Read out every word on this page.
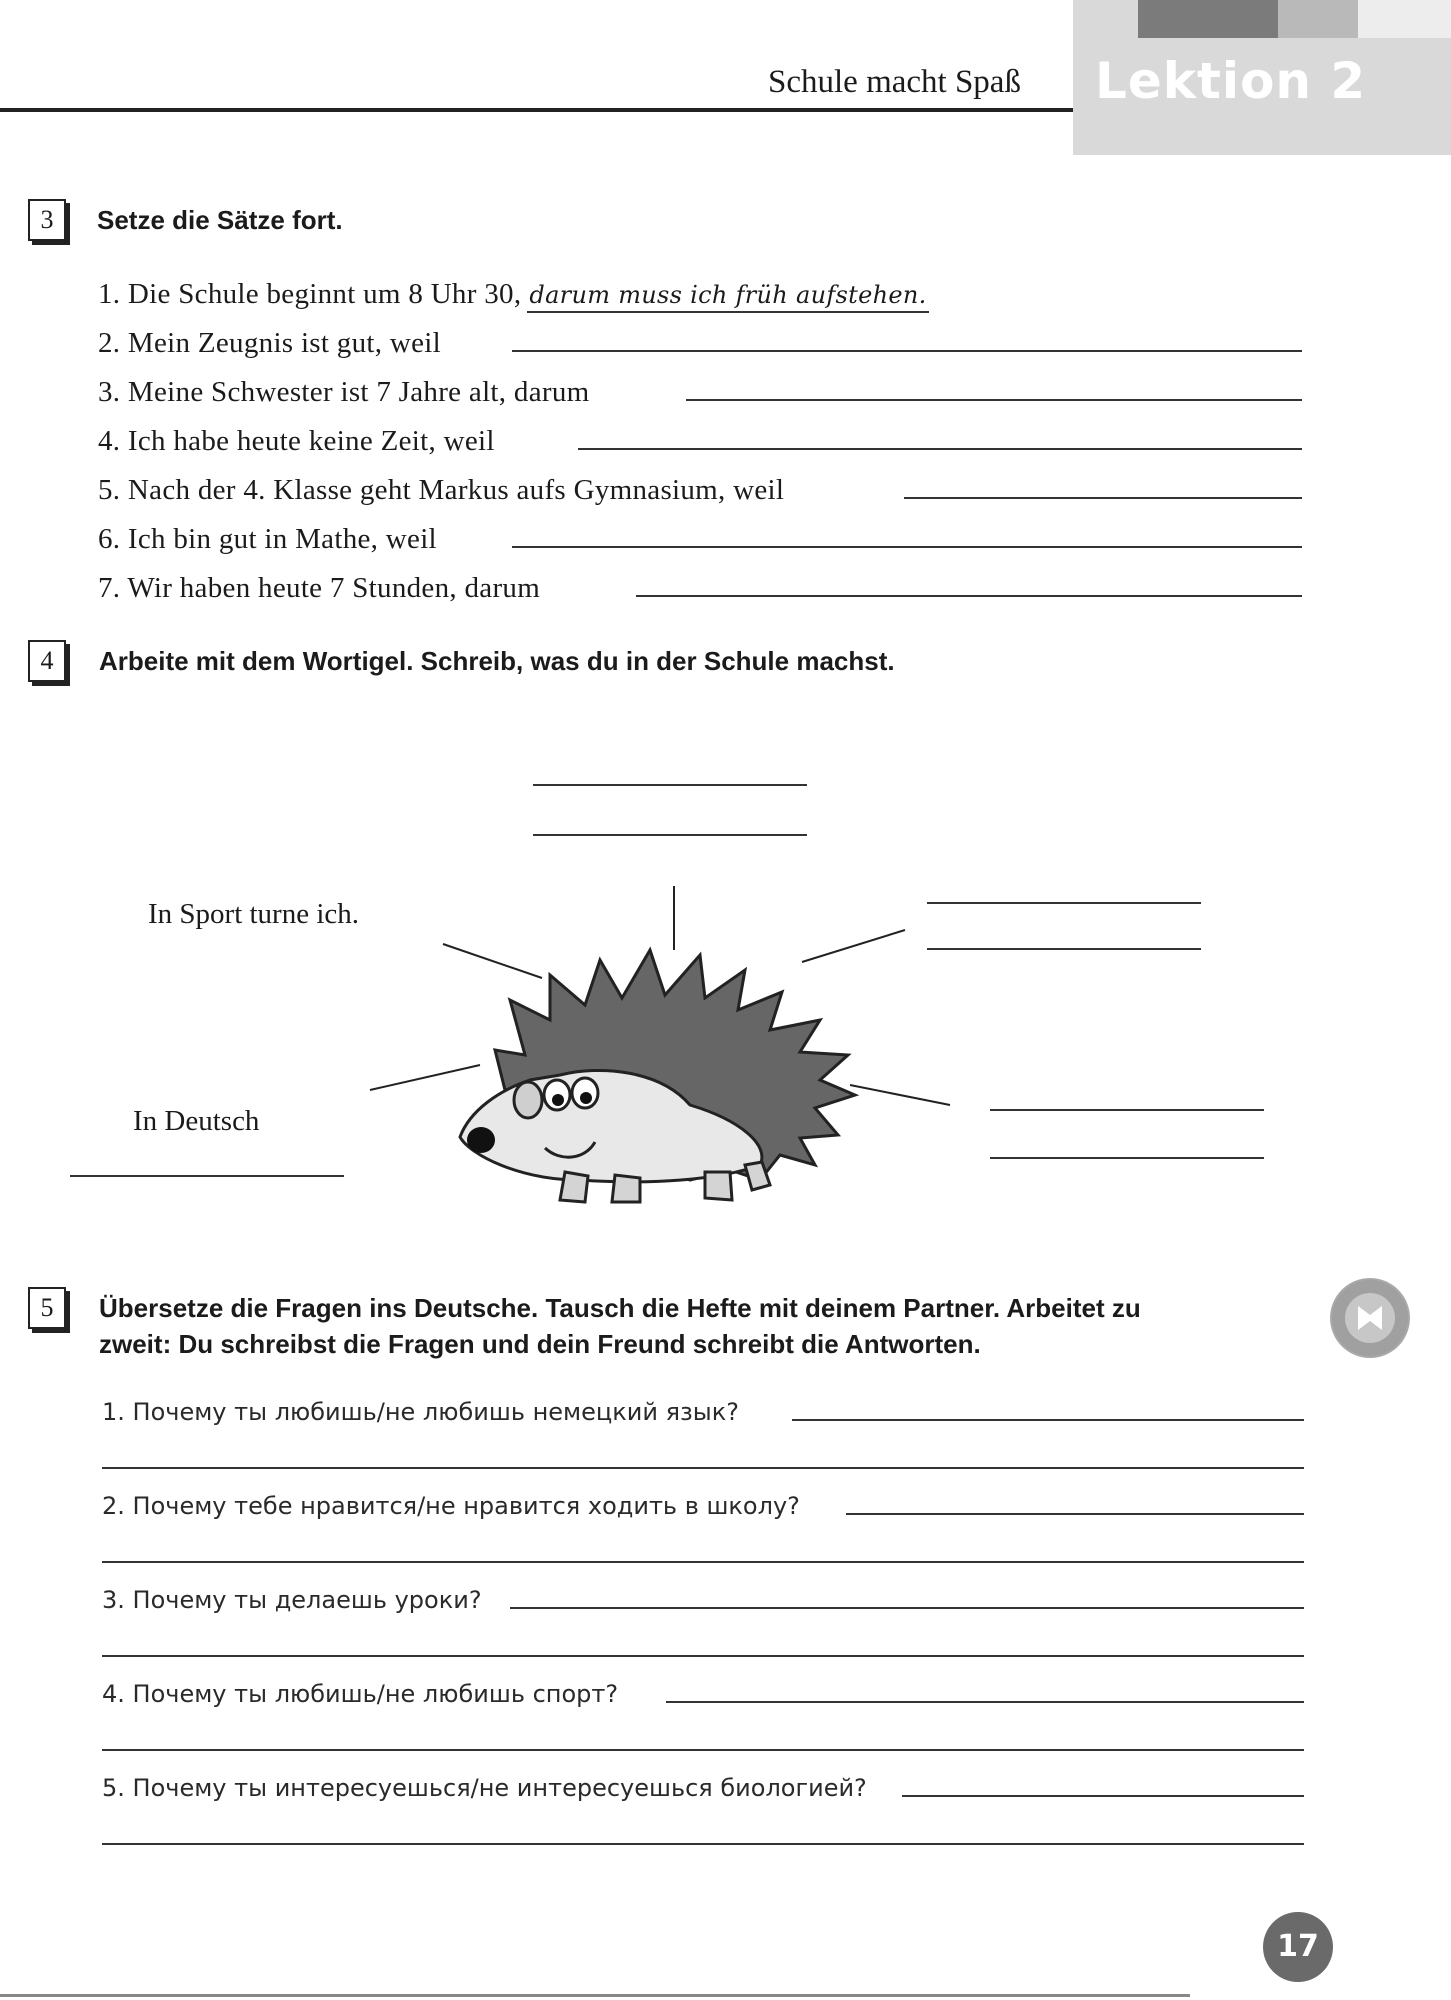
Schule macht Spaß Lektion 2
3	Setze die Sätze fort.
1. Die Schule beginnt um 8 Uhr 30, darum muss ich früh aufstehen.
2. Mein Zeugnis ist gut, weil
3. Meine Schwester ist 7 Jahre alt, darum
4. Ich habe heute keine Zeit, weil
5. Nach der 4. Klasse geht Markus aufs Gymnasium, weil
6. Ich bin gut in Mathe, weil
7. Wir haben heute 7 Stunden, darum
4	Arbeite mit dem Wortigel. Schreib, was du in der Schule machst.
In Sport turne ich.
In Deutsch
5	Übersetze die Fragen ins Deutsche. Tausch die Hefte mit deinem Partner. Arbeitet zu
zweit: Du schreibst die Fragen und dein Freund schreibt die Antworten.
1. Почему ты любишь/не любишь немецкий язык?
2. Почему тебе нравится/не нравится ходить в школу?
3. Почему ты делаешь уроки?
4. Почему ты любишь/не любишь спорт?
5. Почему ты интересуешься/не интересуешься биологией?
17
